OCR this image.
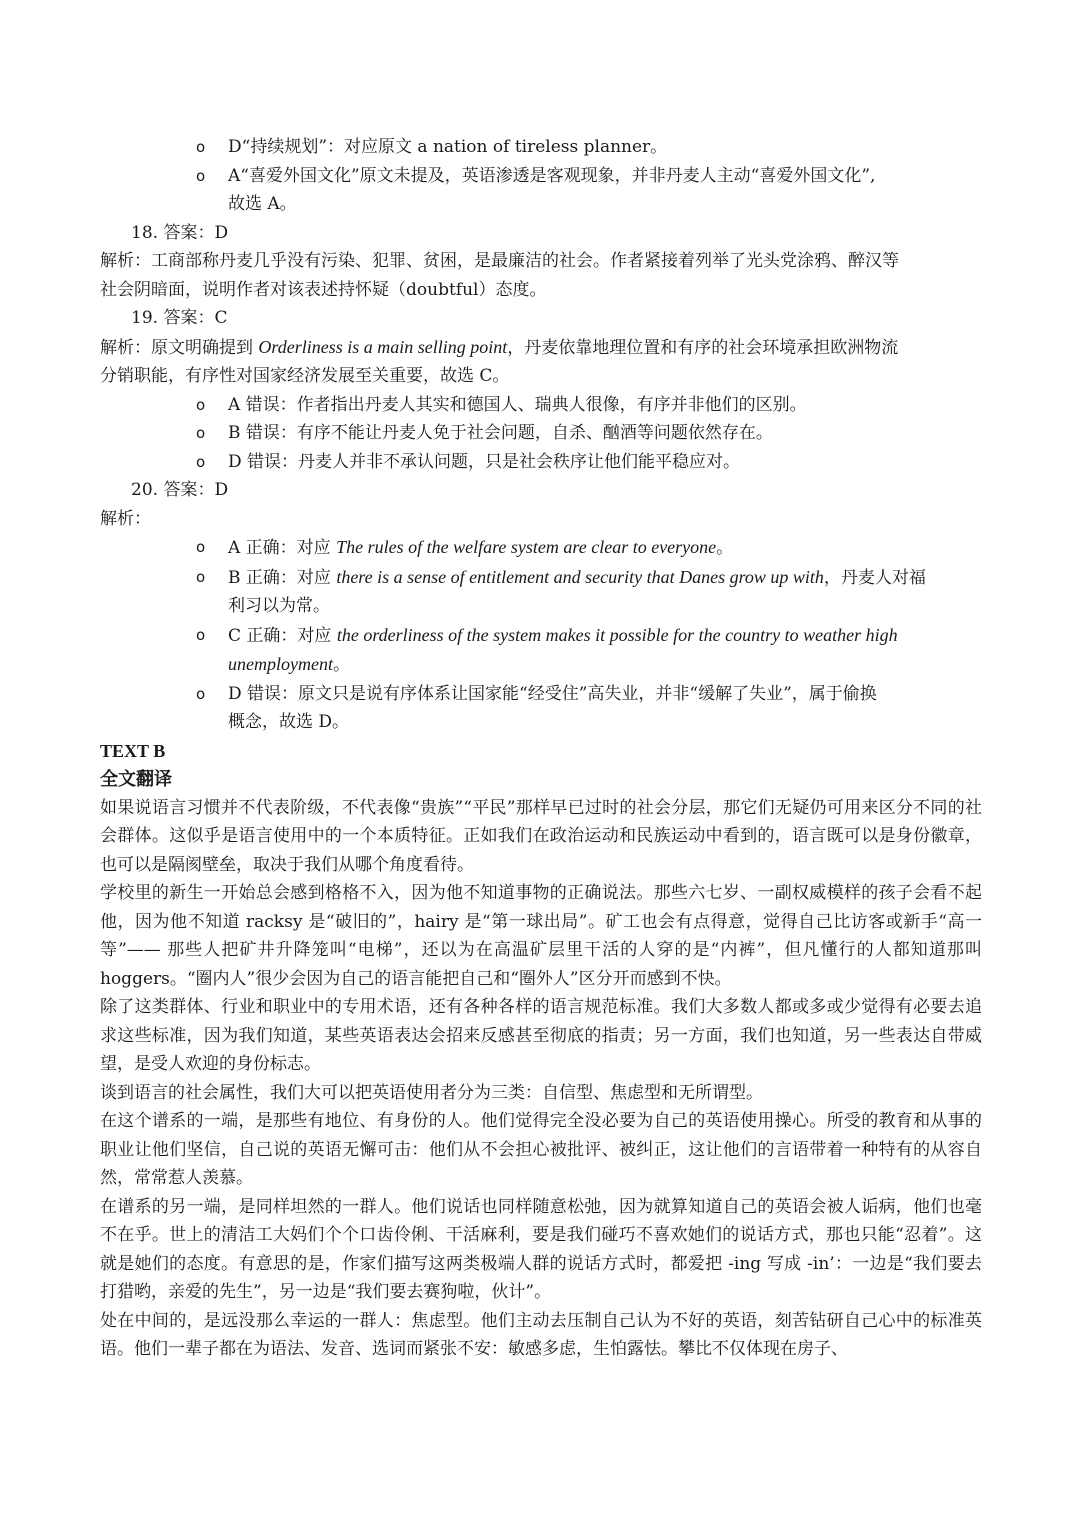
o D“持续规划”：对应原文 a nation of tireless planner。
o A“喜爱外国文化”原文未提及，英语渗透是客观现象，并非丹麦人主动“喜爱外国文化”,
故选 A。
18. 答案：D
解析：工商部称丹麦几乎没有污染、犯罪、贫困，是最廉洁的社会。作者紧接着列举了光头党涂鸦、醉汉等
社会阴暗面，说明作者对该表述持怀疑（doubtful）态度。
19. 答案：C
解析：原文明确提到 Orderliness is a main selling point，丹麦依靠地理位置和有序的社会环境承担欧洲物流
分销职能，有序性对国家经济发展至关重要，故选 C。
o A 错误：作者指出丹麦人其实和德国人、瑞典人很像，有序并非他们的区别。
o B 错误：有序不能让丹麦人免于社会问题，自杀、酗酒等问题依然存在。
o D 错误：丹麦人并非不承认问题，只是社会秩序让他们能平稳应对。
20. 答案：D
解析：
o A 正确：对应 The rules of the welfare system are clear to everyone。
o B 正确：对应 there is a sense of entitlement and security that Danes grow up with，丹麦人对福
利习以为常。
o C 正确：对应 the orderliness of the system makes it possible for the country to weather high
unemployment。
o D 错误：原文只是说有序体系让国家能“经受住”高失业，并非“缓解了失业”，属于偷换
概念，故选 D。
TEXT B
全文翻译
如果说语言习惯并不代表阶级，不代表像“贵族”“平民”那样早已过时的社会分层，那它们无疑仍可用来区分不同的社会群体。这似乎是语言使用中的一个本质特征。正如我们在政治运动和民族运动中看到的，语言既可以是身份徽章，也可以是隔阂壁垒，取决于我们从哪个角度看待。
学校里的新生一开始总会感到格格不入，因为他不知道事物的正确说法。那些六七岁、一副权威模样的孩子会看不起他，因为他不知道 racksy 是“破旧的”，hairy 是“第一球出局”。矿工也会有点得意，觉得自己比访客或新手“高一等”—— 那些人把矿井升降笼叫“电梯”，还以为在高温矿层里干活的人穿的是“内裤”，但凡懂行的人都知道那叫 hoggers。“圈内人”很少会因为自己的语言能把自己和“圈外人”区分开而感到不快。
除了这类群体、行业和职业中的专用术语，还有各种各样的语言规范标准。我们大多数人都或多或少觉得有必要去追求这些标准，因为我们知道，某些英语表达会招来反感甚至彻底的指责；另一方面，我们也知道，另一些表达自带威望，是受人欢迎的身份标志。
谈到语言的社会属性，我们大可以把英语使用者分为三类：自信型、焦虑型和无所谓型。
在这个谱系的一端，是那些有地位、有身份的人。他们觉得完全没必要为自己的英语使用操心。所受的教育和从事的职业让他们坚信，自己说的英语无懈可击：他们从不会担心被批评、被纠正，这让他们的言语带着一种特有的从容自然，常常惹人羡慕。
在谱系的另一端，是同样坦然的一群人。他们说话也同样随意松弛，因为就算知道自己的英语会被人诟病，他们也毫不在乎。世上的清洁工大妈们个个口齿伶俐、干活麻利，要是我们碰巧不喜欢她们的说话方式，那也只能“忍着”。这就是她们的态度。有意思的是，作家们描写这两类极端人群的说话方式时，都爱把 -ing 写成 -in’：一边是“我们要去打猎哟，亲爱的先生”，另一边是“我们要去赛狗啦，伙计”。
处在中间的，是远没那么幸运的一群人：焦虑型。他们主动去压制自己认为不好的英语，刻苦钻研自己心中的标准英语。他们一辈子都在为语法、发音、选词而紧张不安：敏感多虑，生怕露怯。攀比不仅体现在房子、
